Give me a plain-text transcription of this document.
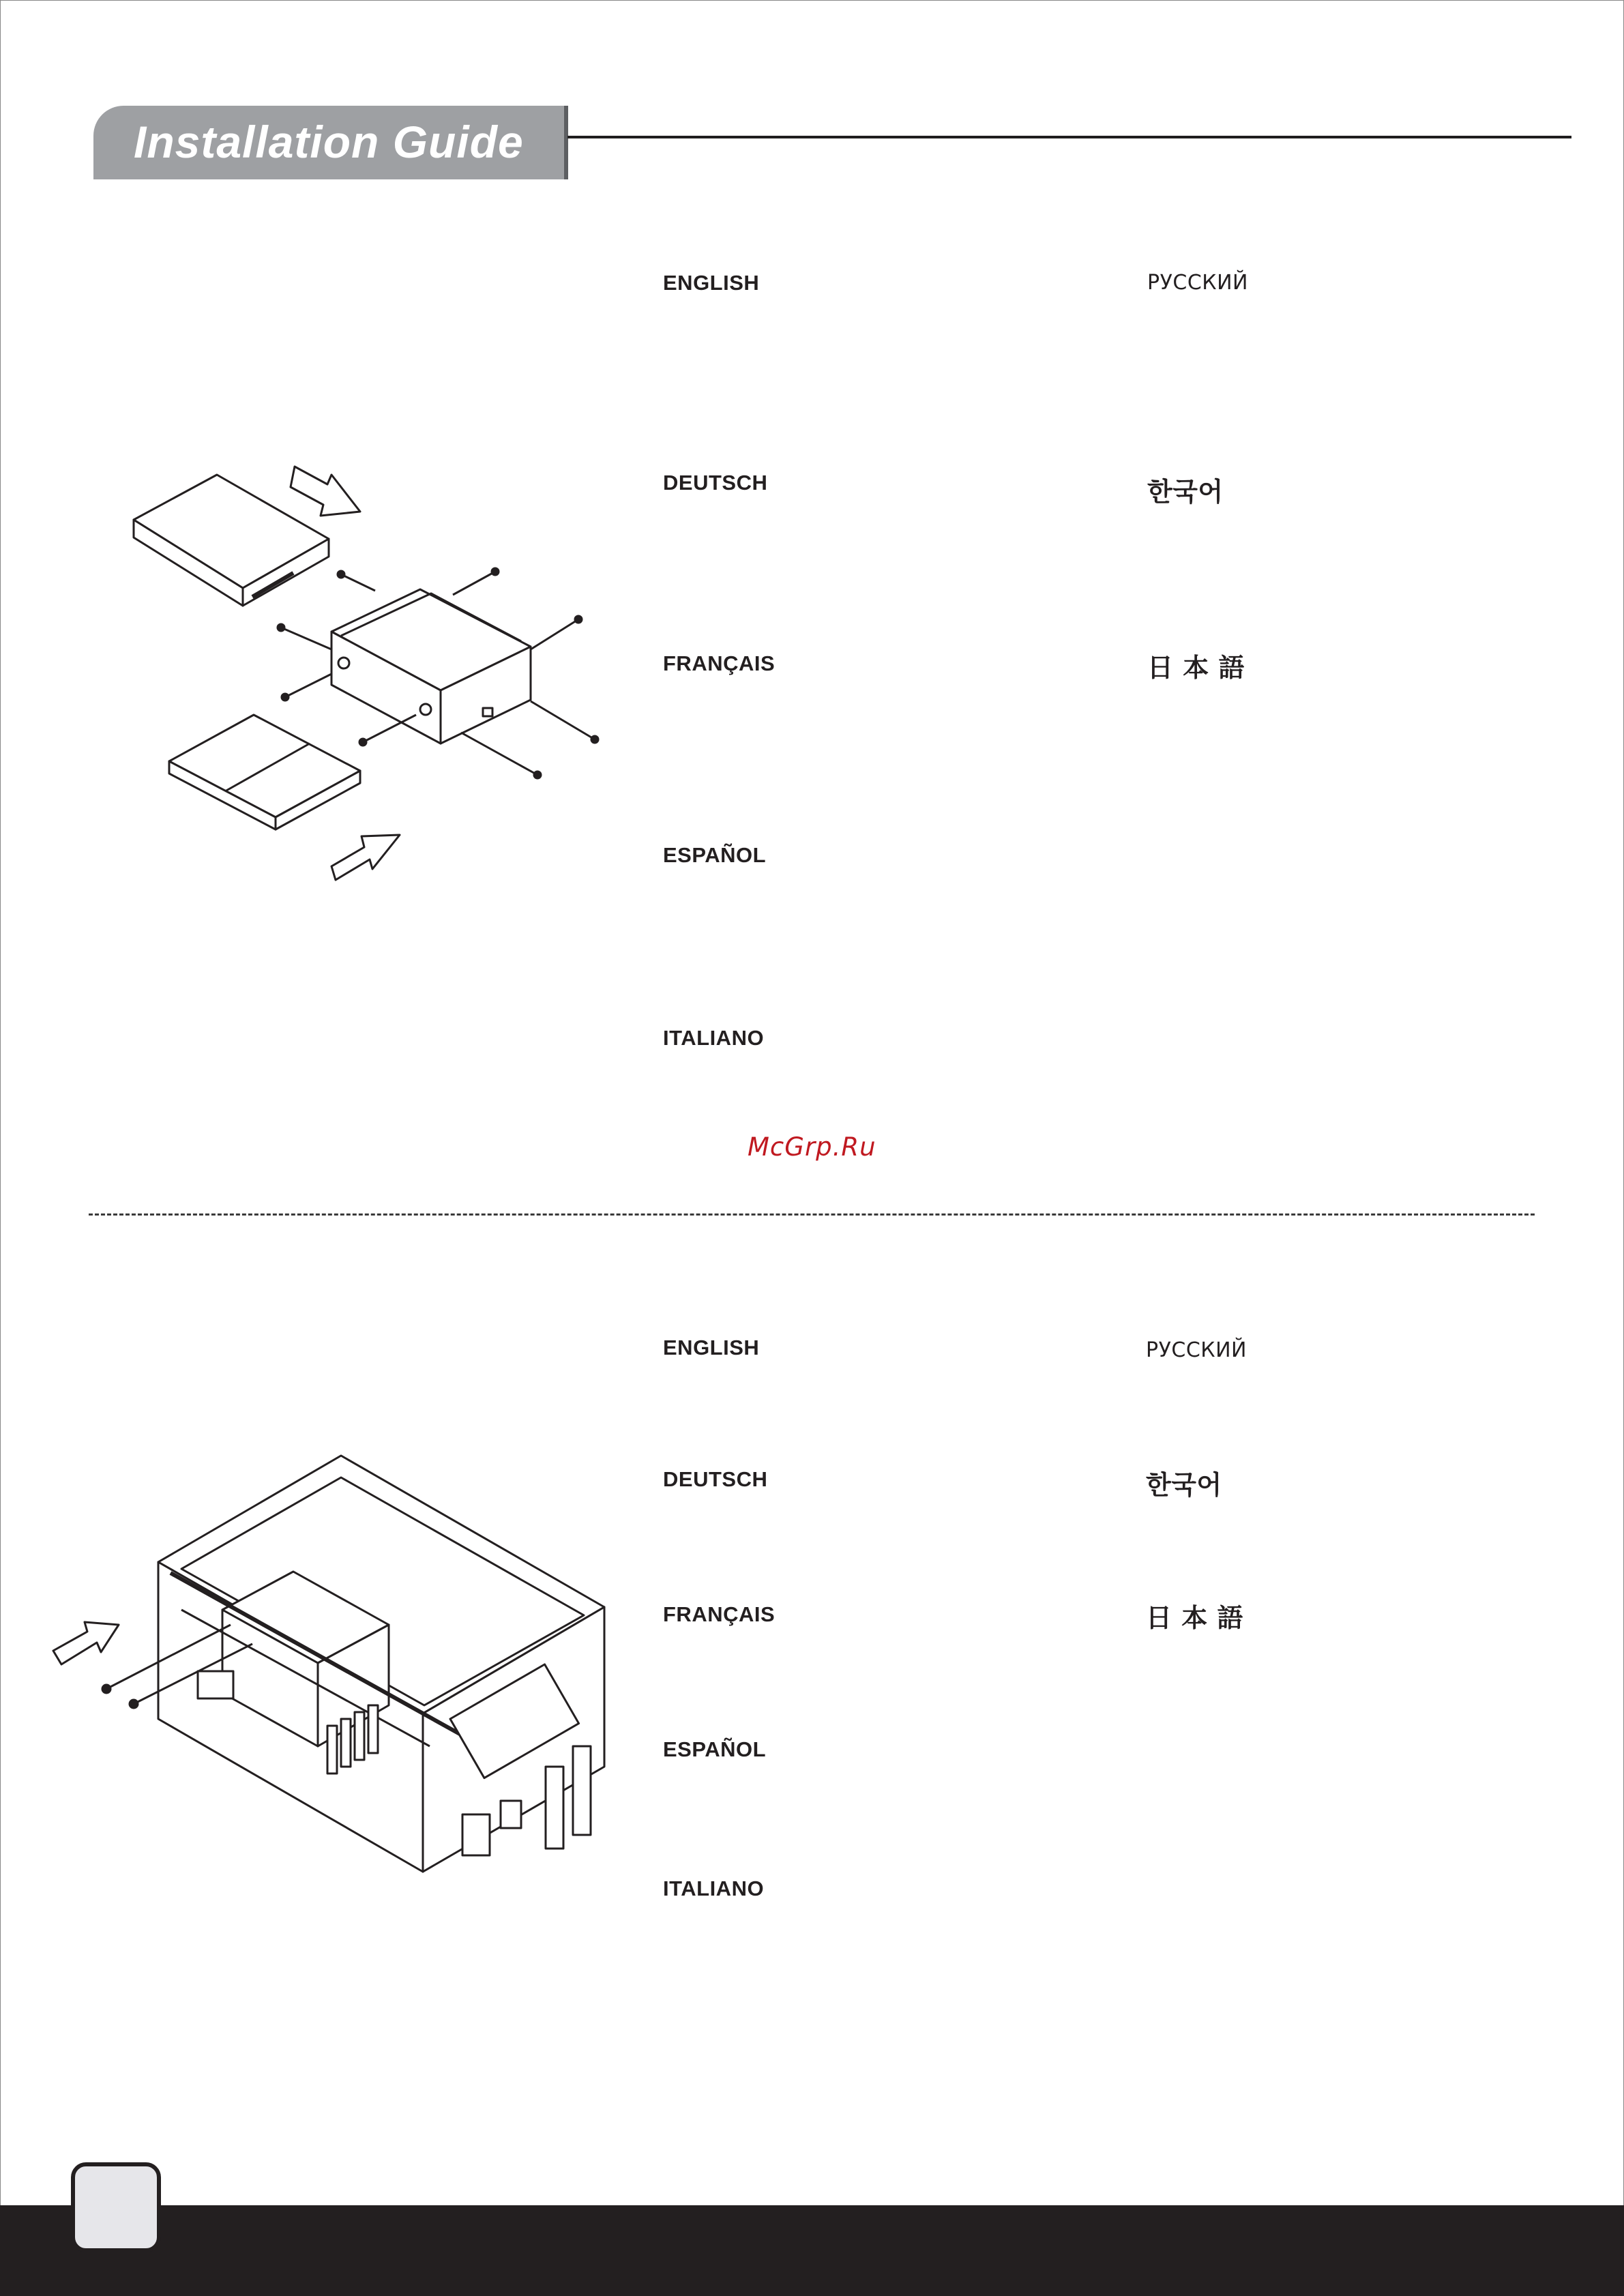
Installation Guide
ENGLISH
DEUTSCH
FRANÇAIS
ESPAÑOL
ITALIANO
РУССКИЙ
한국어
日 本 語
McGrp.Ru
ENGLISH
DEUTSCH
FRANÇAIS
ESPAÑOL
ITALIANO
РУССКИЙ
한국어
日 本 語
